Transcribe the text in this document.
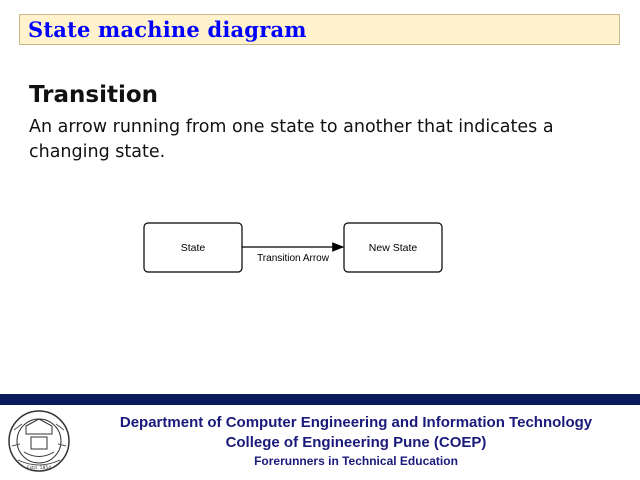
State machine diagram
Transition
An arrow running from one state to another that indicates a changing state.
State	New State
Transition Arrow
Estd. 1854
Department of Computer Engineering and Information Technology
College of Engineering Pune (COEP)
Forerunners in Technical Education
